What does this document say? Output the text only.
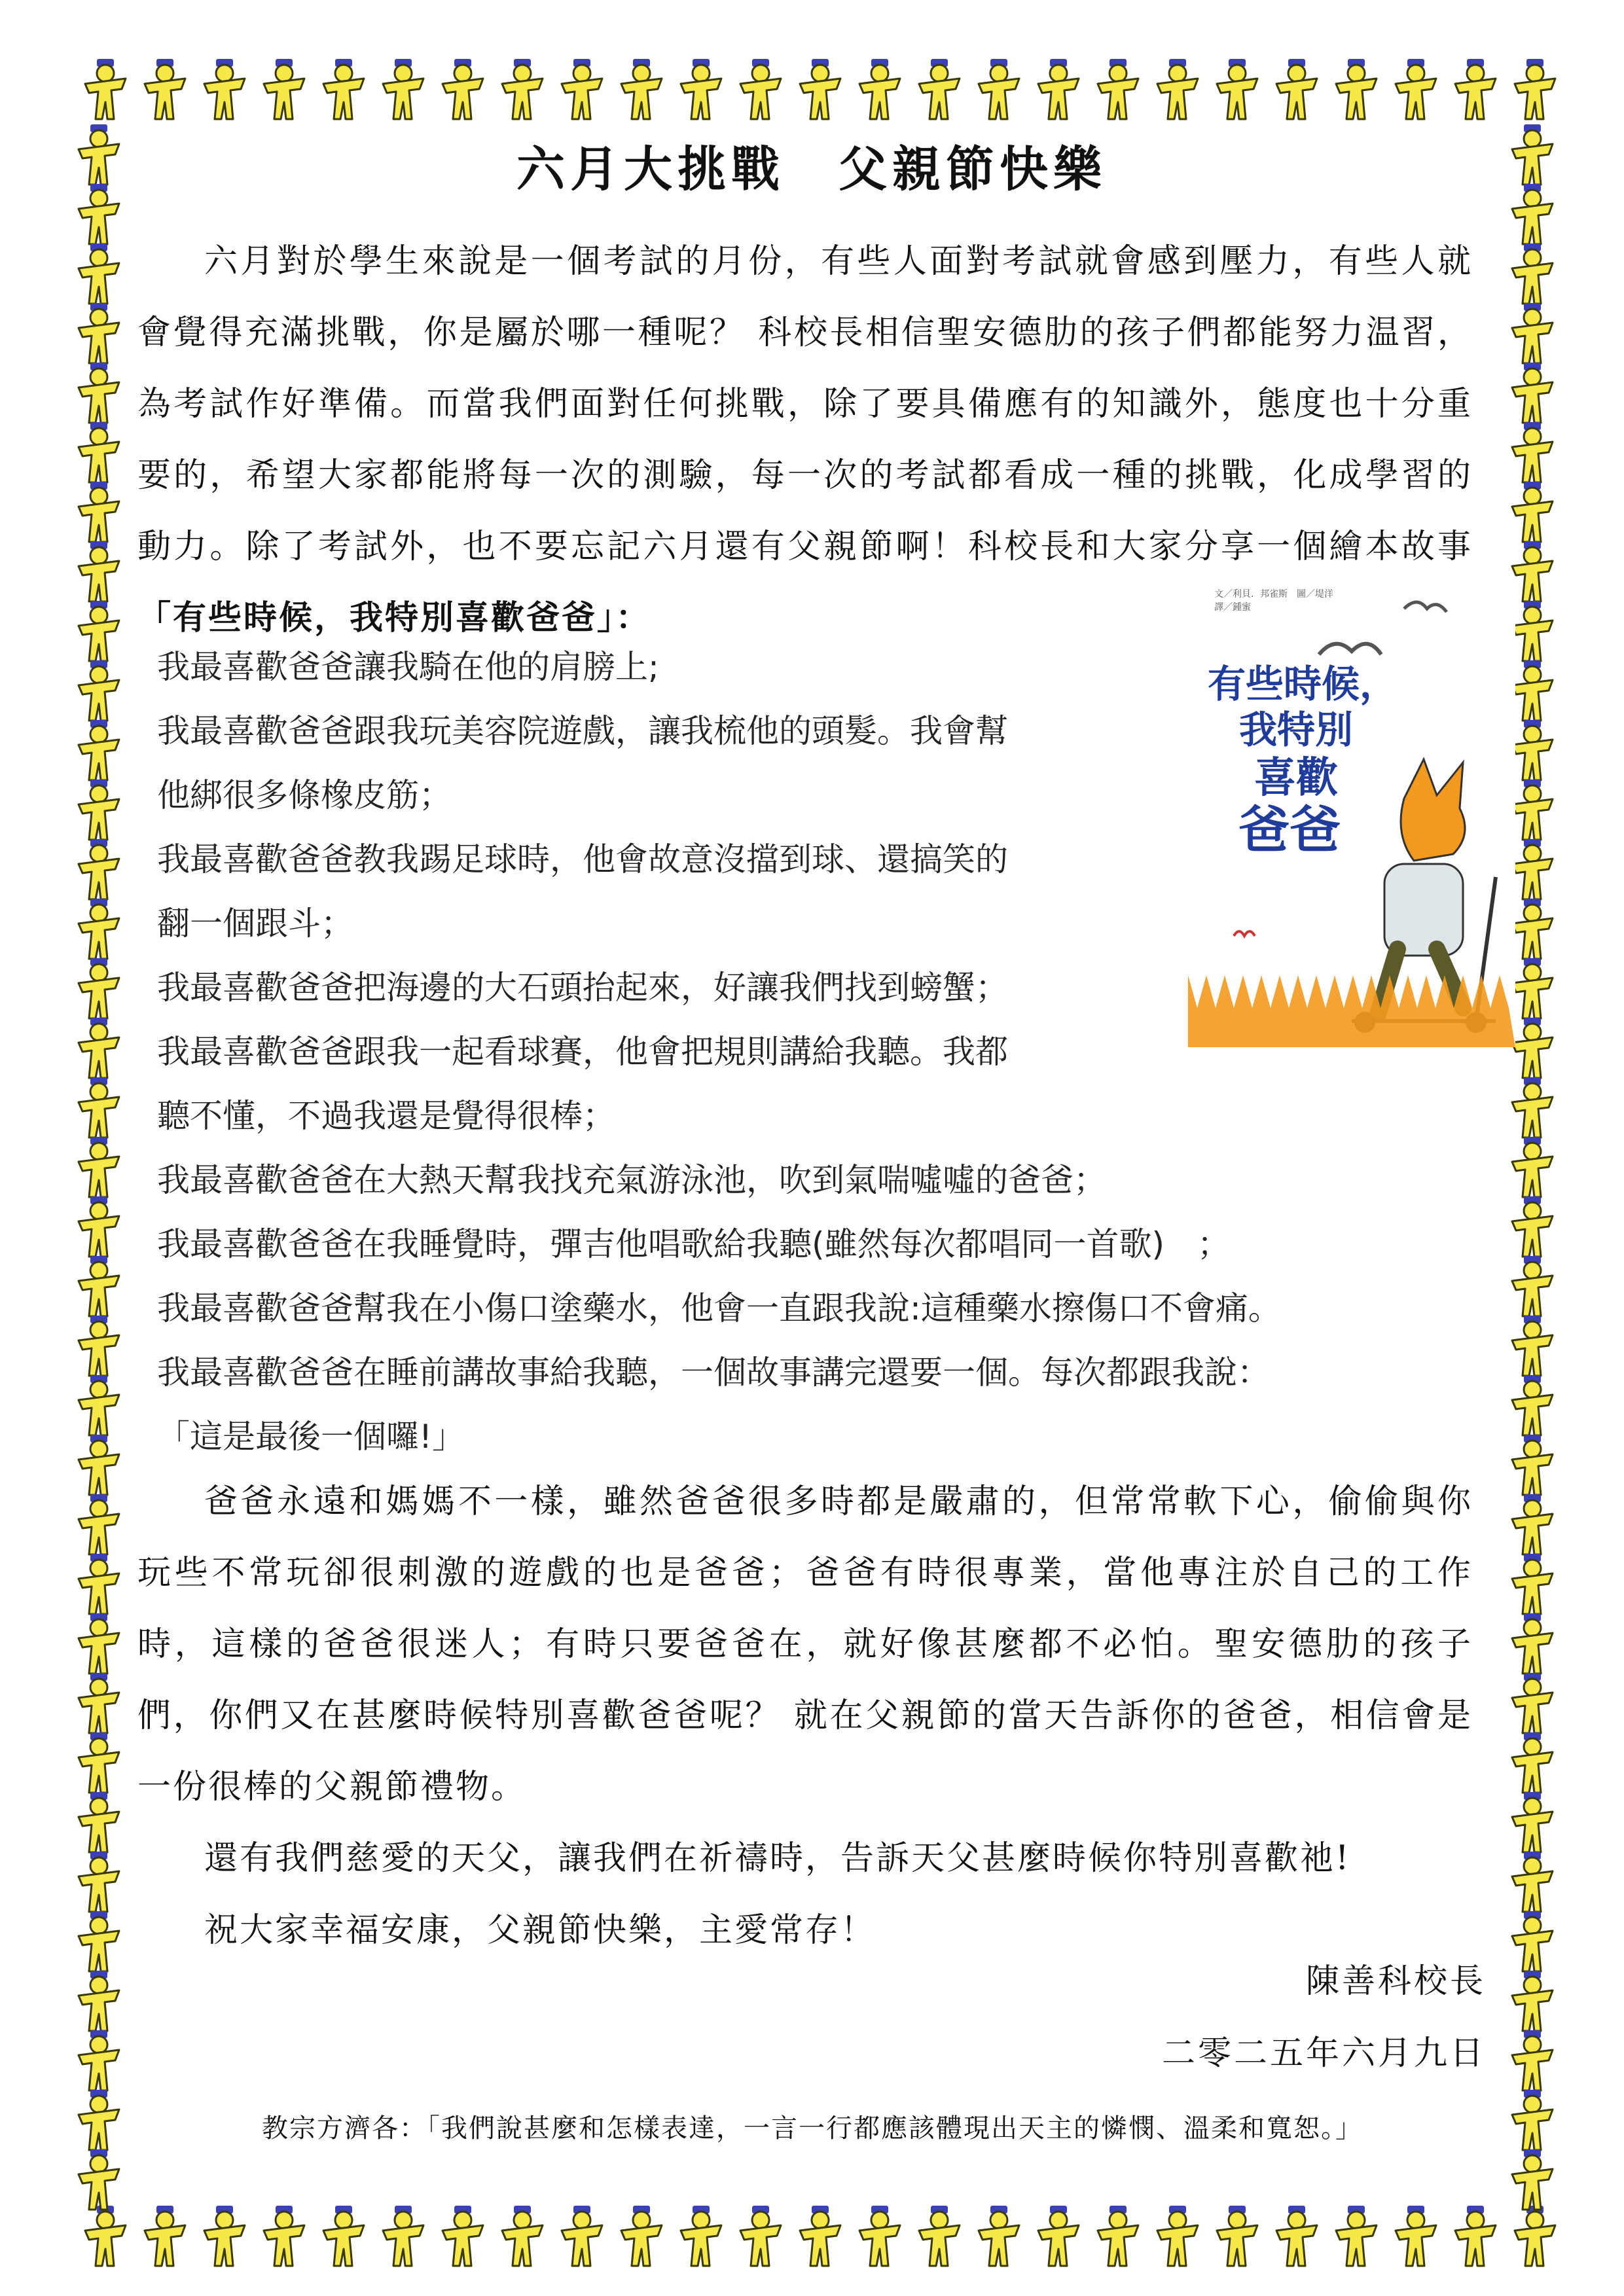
六月大挑戰　父親節快樂
六月對於學生來說是一個考試的月份，有些人面對考試就會感到壓力，有些人就會覺得充滿挑戰，你是屬於哪一種呢？ 科校長相信聖安德肋的孩子們都能努力温習，為考試作好準備。而當我們面對任何挑戰，除了要具備應有的知識外，態度也十分重要的，希望大家都能將每一次的測驗，每一次的考試都看成一種的挑戰，化成學習的動力。除了考試外，也不要忘記六月還有父親節啊！科校長和大家分享一個繪本故事「有些時候，我特別喜歡爸爸」：
我最喜歡爸爸讓我騎在他的肩膀上;
我最喜歡爸爸跟我玩美容院遊戲，讓我梳他的頭髮。我會幫
他綁很多條橡皮筋；
我最喜歡爸爸教我踢足球時，他會故意沒擋到球、還搞笑的
翻一個跟斗；
我最喜歡爸爸把海邊的大石頭抬起來，好讓我們找到螃蟹；
我最喜歡爸爸跟我一起看球賽，他會把規則講給我聽。我都
聽不懂，不過我還是覺得很棒；
我最喜歡爸爸在大熱天幫我找充氣游泳池，吹到氣喘噓噓的爸爸；
我最喜歡爸爸在我睡覺時，彈吉他唱歌給我聽(雖然每次都唱同一首歌)　；
我最喜歡爸爸幫我在小傷口塗藥水，他會一直跟我說:這種藥水擦傷口不會痛。
我最喜歡爸爸在睡前講故事給我聽，一個故事講完還要一個。每次都跟我說：
「這是最後一個囉!」
文／利貝．邦雀斯　圖／堤洋
譯／鍾蜜
有些時候，
我特別
喜歡
爸爸
爸爸永遠和媽媽不一樣，雖然爸爸很多時都是嚴肅的，但常常軟下心，偷偷與你玩些不常玩卻很刺激的遊戲的也是爸爸；爸爸有時很專業，當他專注於自己的工作時，這樣的爸爸很迷人；有時只要爸爸在，就好像甚麼都不必怕。聖安德肋的孩子們，你們又在甚麼時候特別喜歡爸爸呢？ 就在父親節的當天告訴你的爸爸，相信會是一份很棒的父親節禮物。
還有我們慈愛的天父，讓我們在祈禱時，告訴天父甚麼時候你特別喜歡祂!
祝大家幸福安康，父親節快樂，主愛常存！
陳善科校長
二零二五年六月九日
教宗方濟各：「我們說甚麼和怎樣表達，一言一行都應該體現出天主的憐憫、溫柔和寬恕。」
